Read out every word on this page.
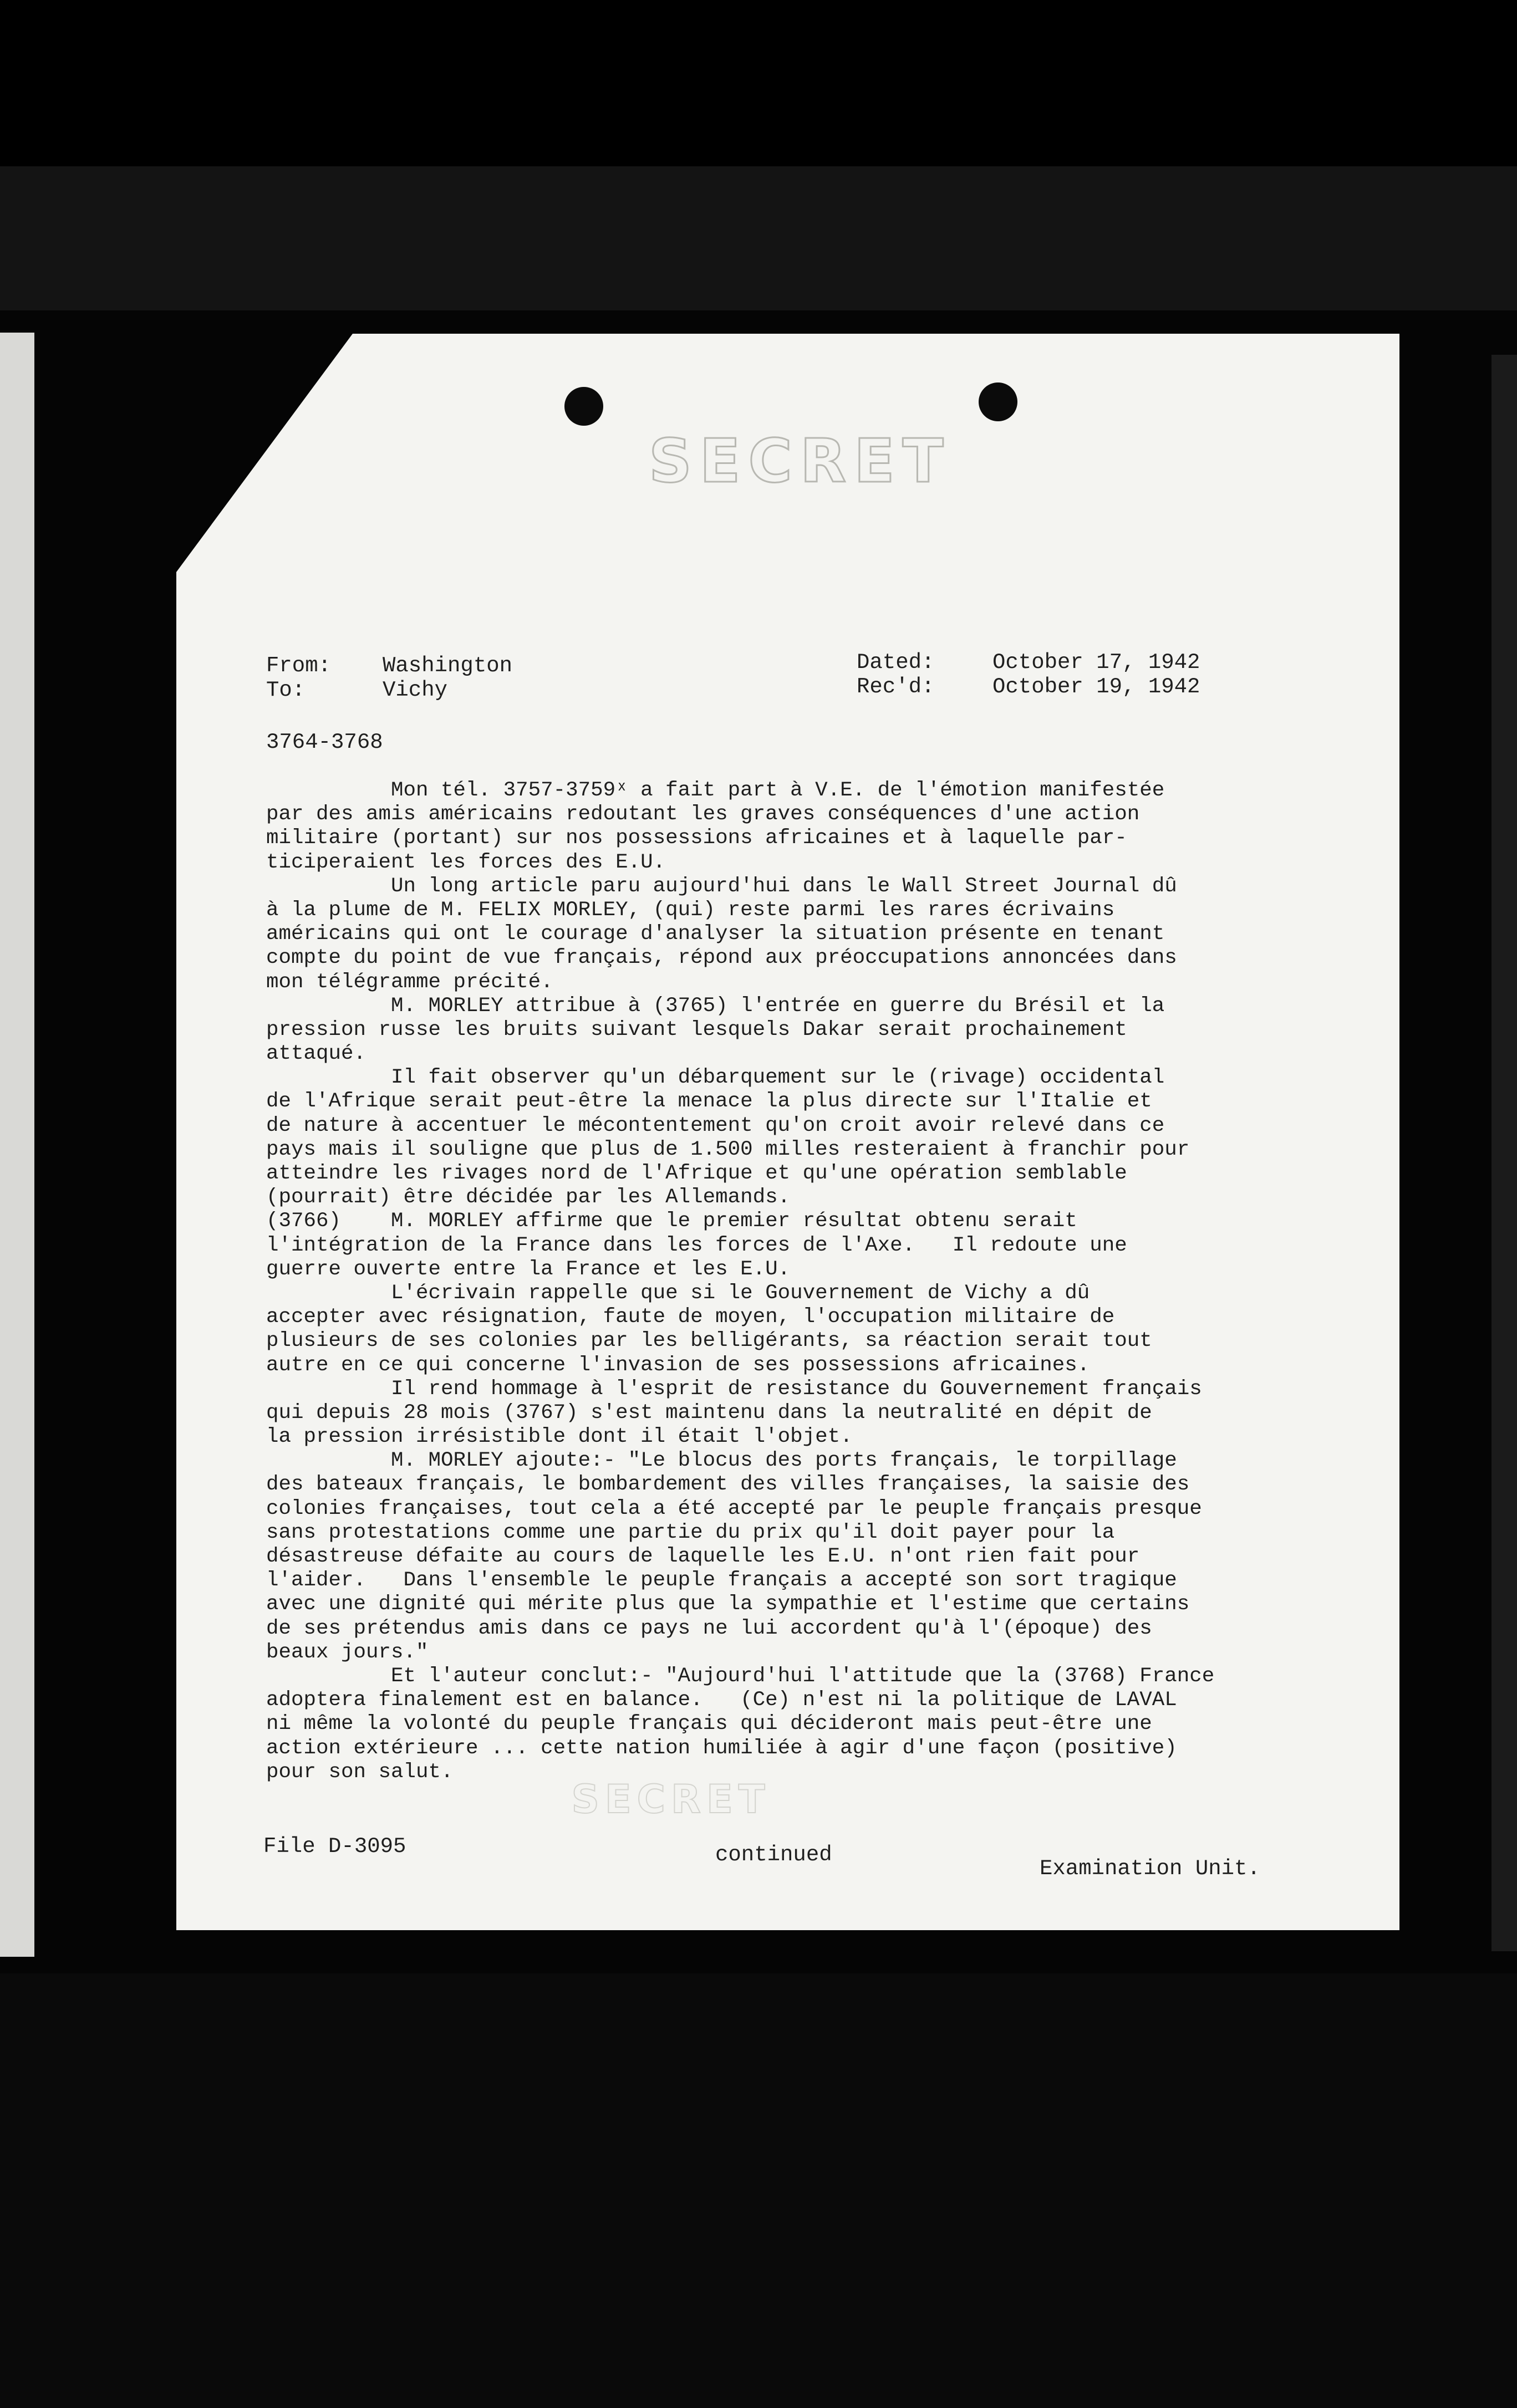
SECRET
From: Washington
To:	Vichy
Dated:	October 17, 1942
Rec'd:	October 19, 1942
3764-3768
Mon tél. 3757-3759ˣ a fait part à V.E. de l'émotion manifestée
par des amis américains redoutant les graves conséquences d'une action
militaire (portant) sur nos possessions africaines et à laquelle par-
ticiperaient les forces des E.U.
Un long article paru aujourd'hui dans le Wall Street Journal dû
à la plume de M. FELIX MORLEY, (qui) reste parmi les rares écrivains
américains qui ont le courage d'analyser la situation présente en tenant
compte du point de vue français, répond aux préoccupations annoncées dans
mon télégramme précité.
M. MORLEY attribue à (3765) l'entrée en guerre du Brésil et la
pression russe les bruits suivant lesquels Dakar serait prochainement
attaqué.
Il fait observer qu'un débarquement sur le (rivage) occidental
de l'Afrique serait peut-être la menace la plus directe sur l'Italie et
de nature à accentuer le mécontentement qu'on croit avoir relevé dans ce
pays mais il souligne que plus de 1.500 milles resteraient à franchir pour
atteindre les rivages nord de l'Afrique et qu'une opération semblable
(pourrait) être décidée par les Allemands.
(3766)    M. MORLEY affirme que le premier résultat obtenu serait
l'intégration de la France dans les forces de l'Axe.   Il redoute une
guerre ouverte entre la France et les E.U.
L'écrivain rappelle que si le Gouvernement de Vichy a dû
accepter avec résignation, faute de moyen, l'occupation militaire de
plusieurs de ses colonies par les belligérants, sa réaction serait tout
autre en ce qui concerne l'invasion de ses possessions africaines.
Il rend hommage à l'esprit de resistance du Gouvernement français
qui depuis 28 mois (3767) s'est maintenu dans la neutralité en dépit de
la pression irrésistible dont il était l'objet.
M. MORLEY ajoute:- "Le blocus des ports français, le torpillage
des bateaux français, le bombardement des villes françaises, la saisie des
colonies françaises, tout cela a été accepté par le peuple français presque
sans protestations comme une partie du prix qu'il doit payer pour la
désastreuse défaite au cours de laquelle les E.U. n'ont rien fait pour
l'aider.   Dans l'ensemble le peuple français a accepté son sort tragique
avec une dignité qui mérite plus que la sympathie et l'estime que certains
de ses prétendus amis dans ce pays ne lui accordent qu'à l'(époque) des
beaux jours."
Et l'auteur conclut:- "Aujourd'hui l'attitude que la (3768) France
adoptera finalement est en balance.   (Ce) n'est ni la politique de LAVAL
ni même la volonté du peuple français qui décideront mais peut-être une
action extérieure ... cette nation humiliée à agir d'une façon (positive)
pour son salut.
SECRET
File D-3095	continued
Examination Unit.
